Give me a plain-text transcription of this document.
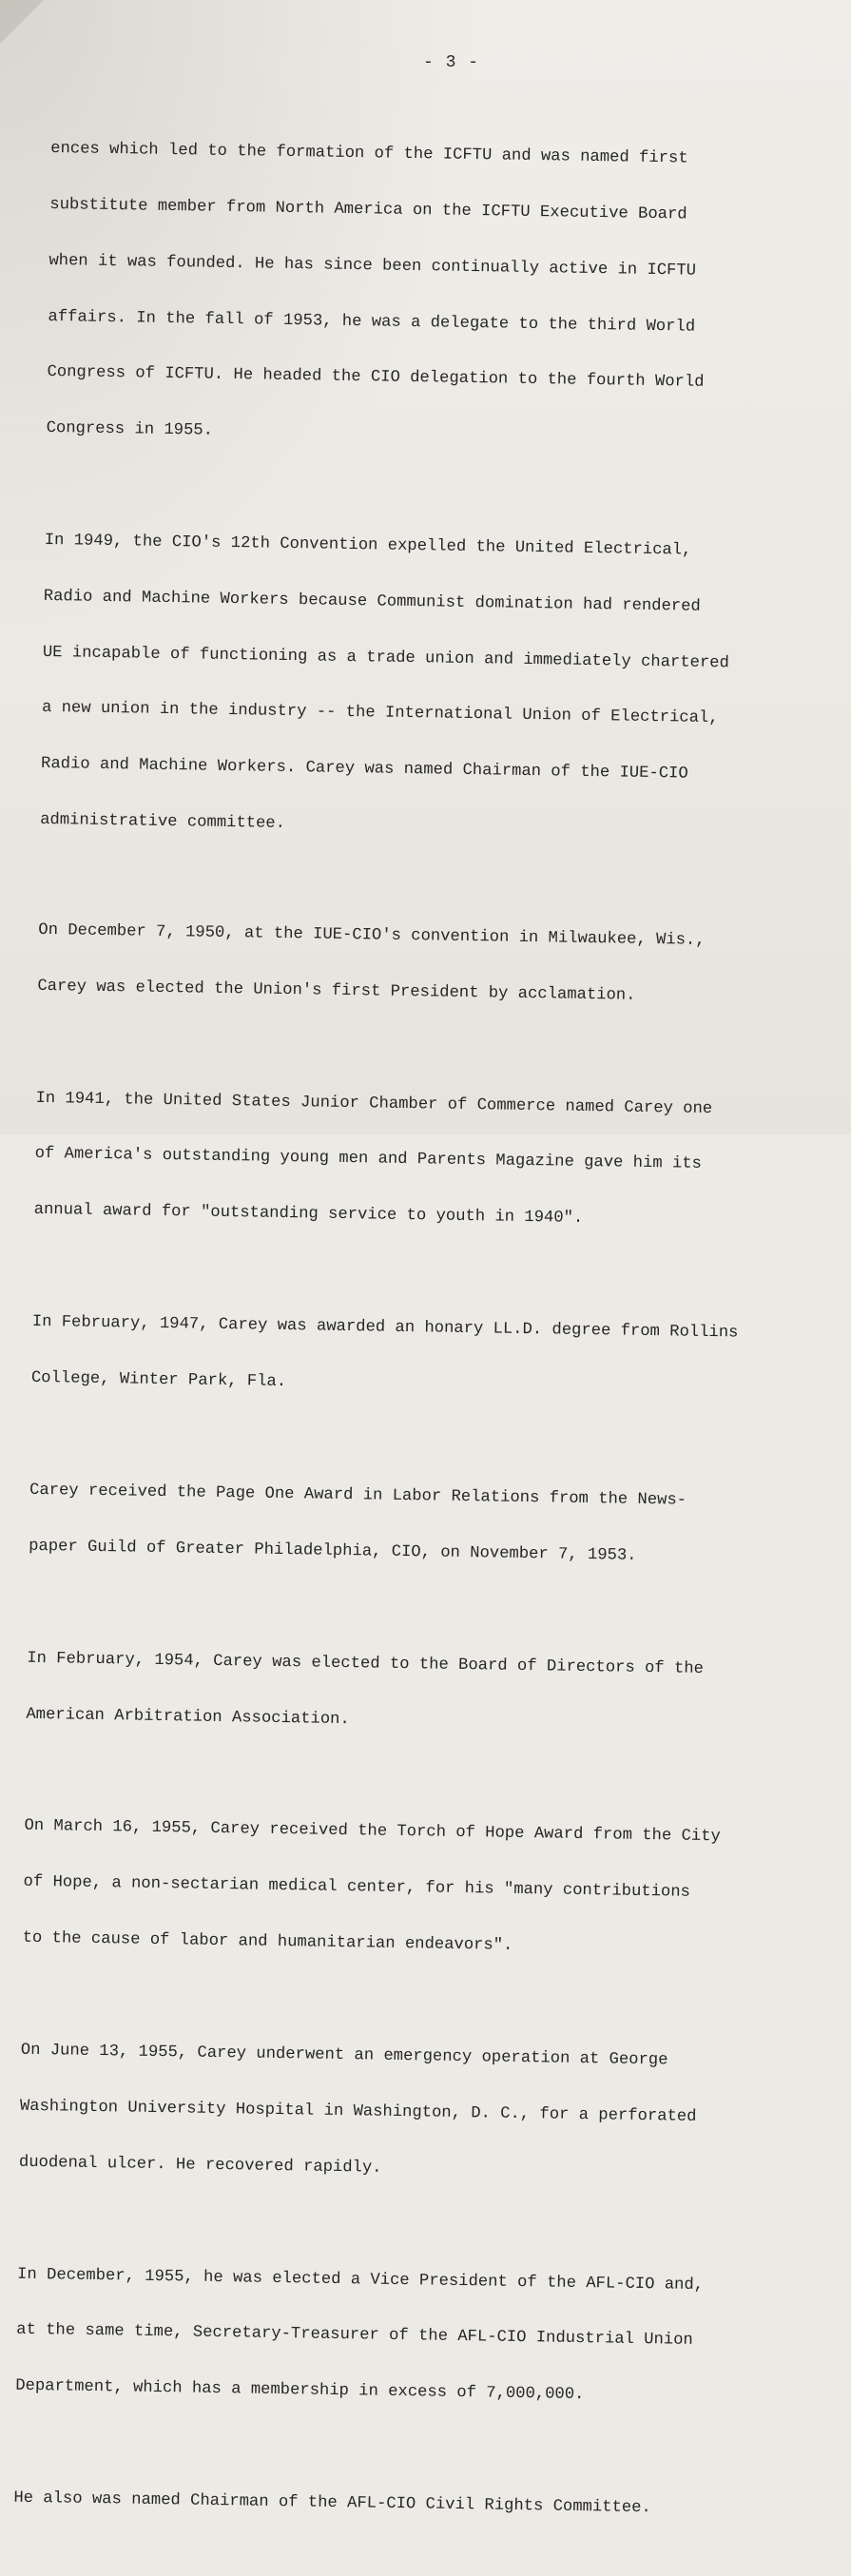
- 3 -

ences which led to the formation of the ICFTU and was named first

substitute member from North America on the ICFTU Executive Board

when it was founded. He has since been continually active in ICFTU

affairs. In the fall of 1953, he was a delegate to the third World

Congress of ICFTU. He headed the CIO delegation to the fourth World

Congress in 1955.

In 1949, the CIO's 12th Convention expelled the United Electrical,

Radio and Machine Workers because Communist domination had rendered

UE incapable of functioning as a trade union and immediately chartered

a new union in the industry -- the International Union of Electrical,

Radio and Machine Workers. Carey was named Chairman of the IUE-CIO

administrative committee.

On December 7, 1950, at the IUE-CIO's convention in Milwaukee, Wis.,

Carey was elected the Union's first President by acclamation.

In 1941, the United States Junior Chamber of Commerce named Carey one

of America's outstanding young men and Parents Magazine gave him its

annual award for "outstanding service to youth in 1940".

In February, 1947, Carey was awarded an honary LL.D. degree from Rollins

College, Winter Park, Fla.

Carey received the Page One Award in Labor Relations from the News-

paper Guild of Greater Philadelphia, CIO, on November 7, 1953.

In February, 1954, Carey was elected to the Board of Directors of the

American Arbitration Association.

On March 16, 1955, Carey received the Torch of Hope Award from the City

of Hope, a non-sectarian medical center, for his "many contributions

to the cause of labor and humanitarian endeavors".

On June 13, 1955, Carey underwent an emergency operation at George

Washington University Hospital in Washington, D. C., for a perforated

duodenal ulcer. He recovered rapidly.

In December, 1955, he was elected a Vice President of the AFL-CIO and,

at the same time, Secretary-Treasurer of the AFL-CIO Industrial Union

Department, which has a membership in excess of 7,000,000.

He also was named Chairman of the AFL-CIO Civil Rights Committee.
